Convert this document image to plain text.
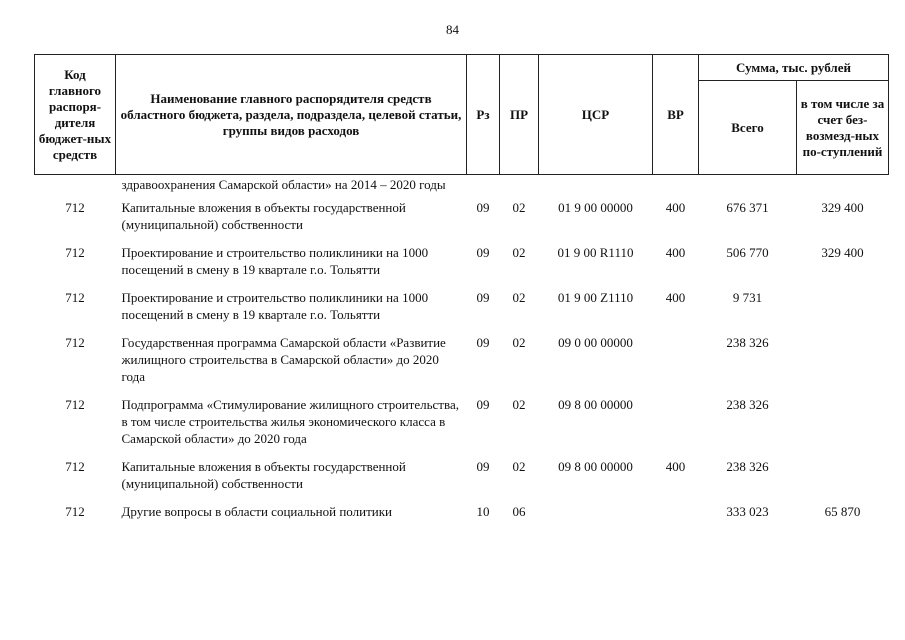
84
Код главного распоря-дителя бюджет-ных средств	Наименование главного распорядителя средств областного бюджета, раздела, подраздела, целевой статьи, группы видов расходов	Рз	ПР	ЦСР	ВР	Сумма, тыс. рублей	
						Всего	в том числе за счет без-возмезд-ных по-ступлений
	здравоохранения Самарской области» на 2014 – 2020 годы						
712	Капитальные вложения в объекты государственной (муниципальной) собственности	09	02	01 9 00 00000	400	676 371	329 400
712	Проектирование и строительство поликлиники на 1000 посещений в смену в 19 квартале г.о. Тольятти	09	02	01 9 00 R1110	400	506 770	329 400
712	Проектирование и строительство поликлиники на 1000 посещений в смену в 19 квартале г.о. Тольятти	09	02	01 9 00 Z1110	400	9 731	
712	Государственная программа Самарской области «Развитие жилищного строительства в Самарской области» до 2020 года	09	02	09 0 00 00000		238 326	
712	Подпрограмма «Стимулирование жилищного строительства, в том числе строительства жилья экономического класса в Самарской области» до 2020 года	09	02	09 8 00 00000		238 326	
712	Капитальные вложения в объекты государственной (муниципальной) собственности	09	02	09 8 00 00000	400	238 326	
712	Другие вопросы в области социальной политики	10	06			333 023	65 870
